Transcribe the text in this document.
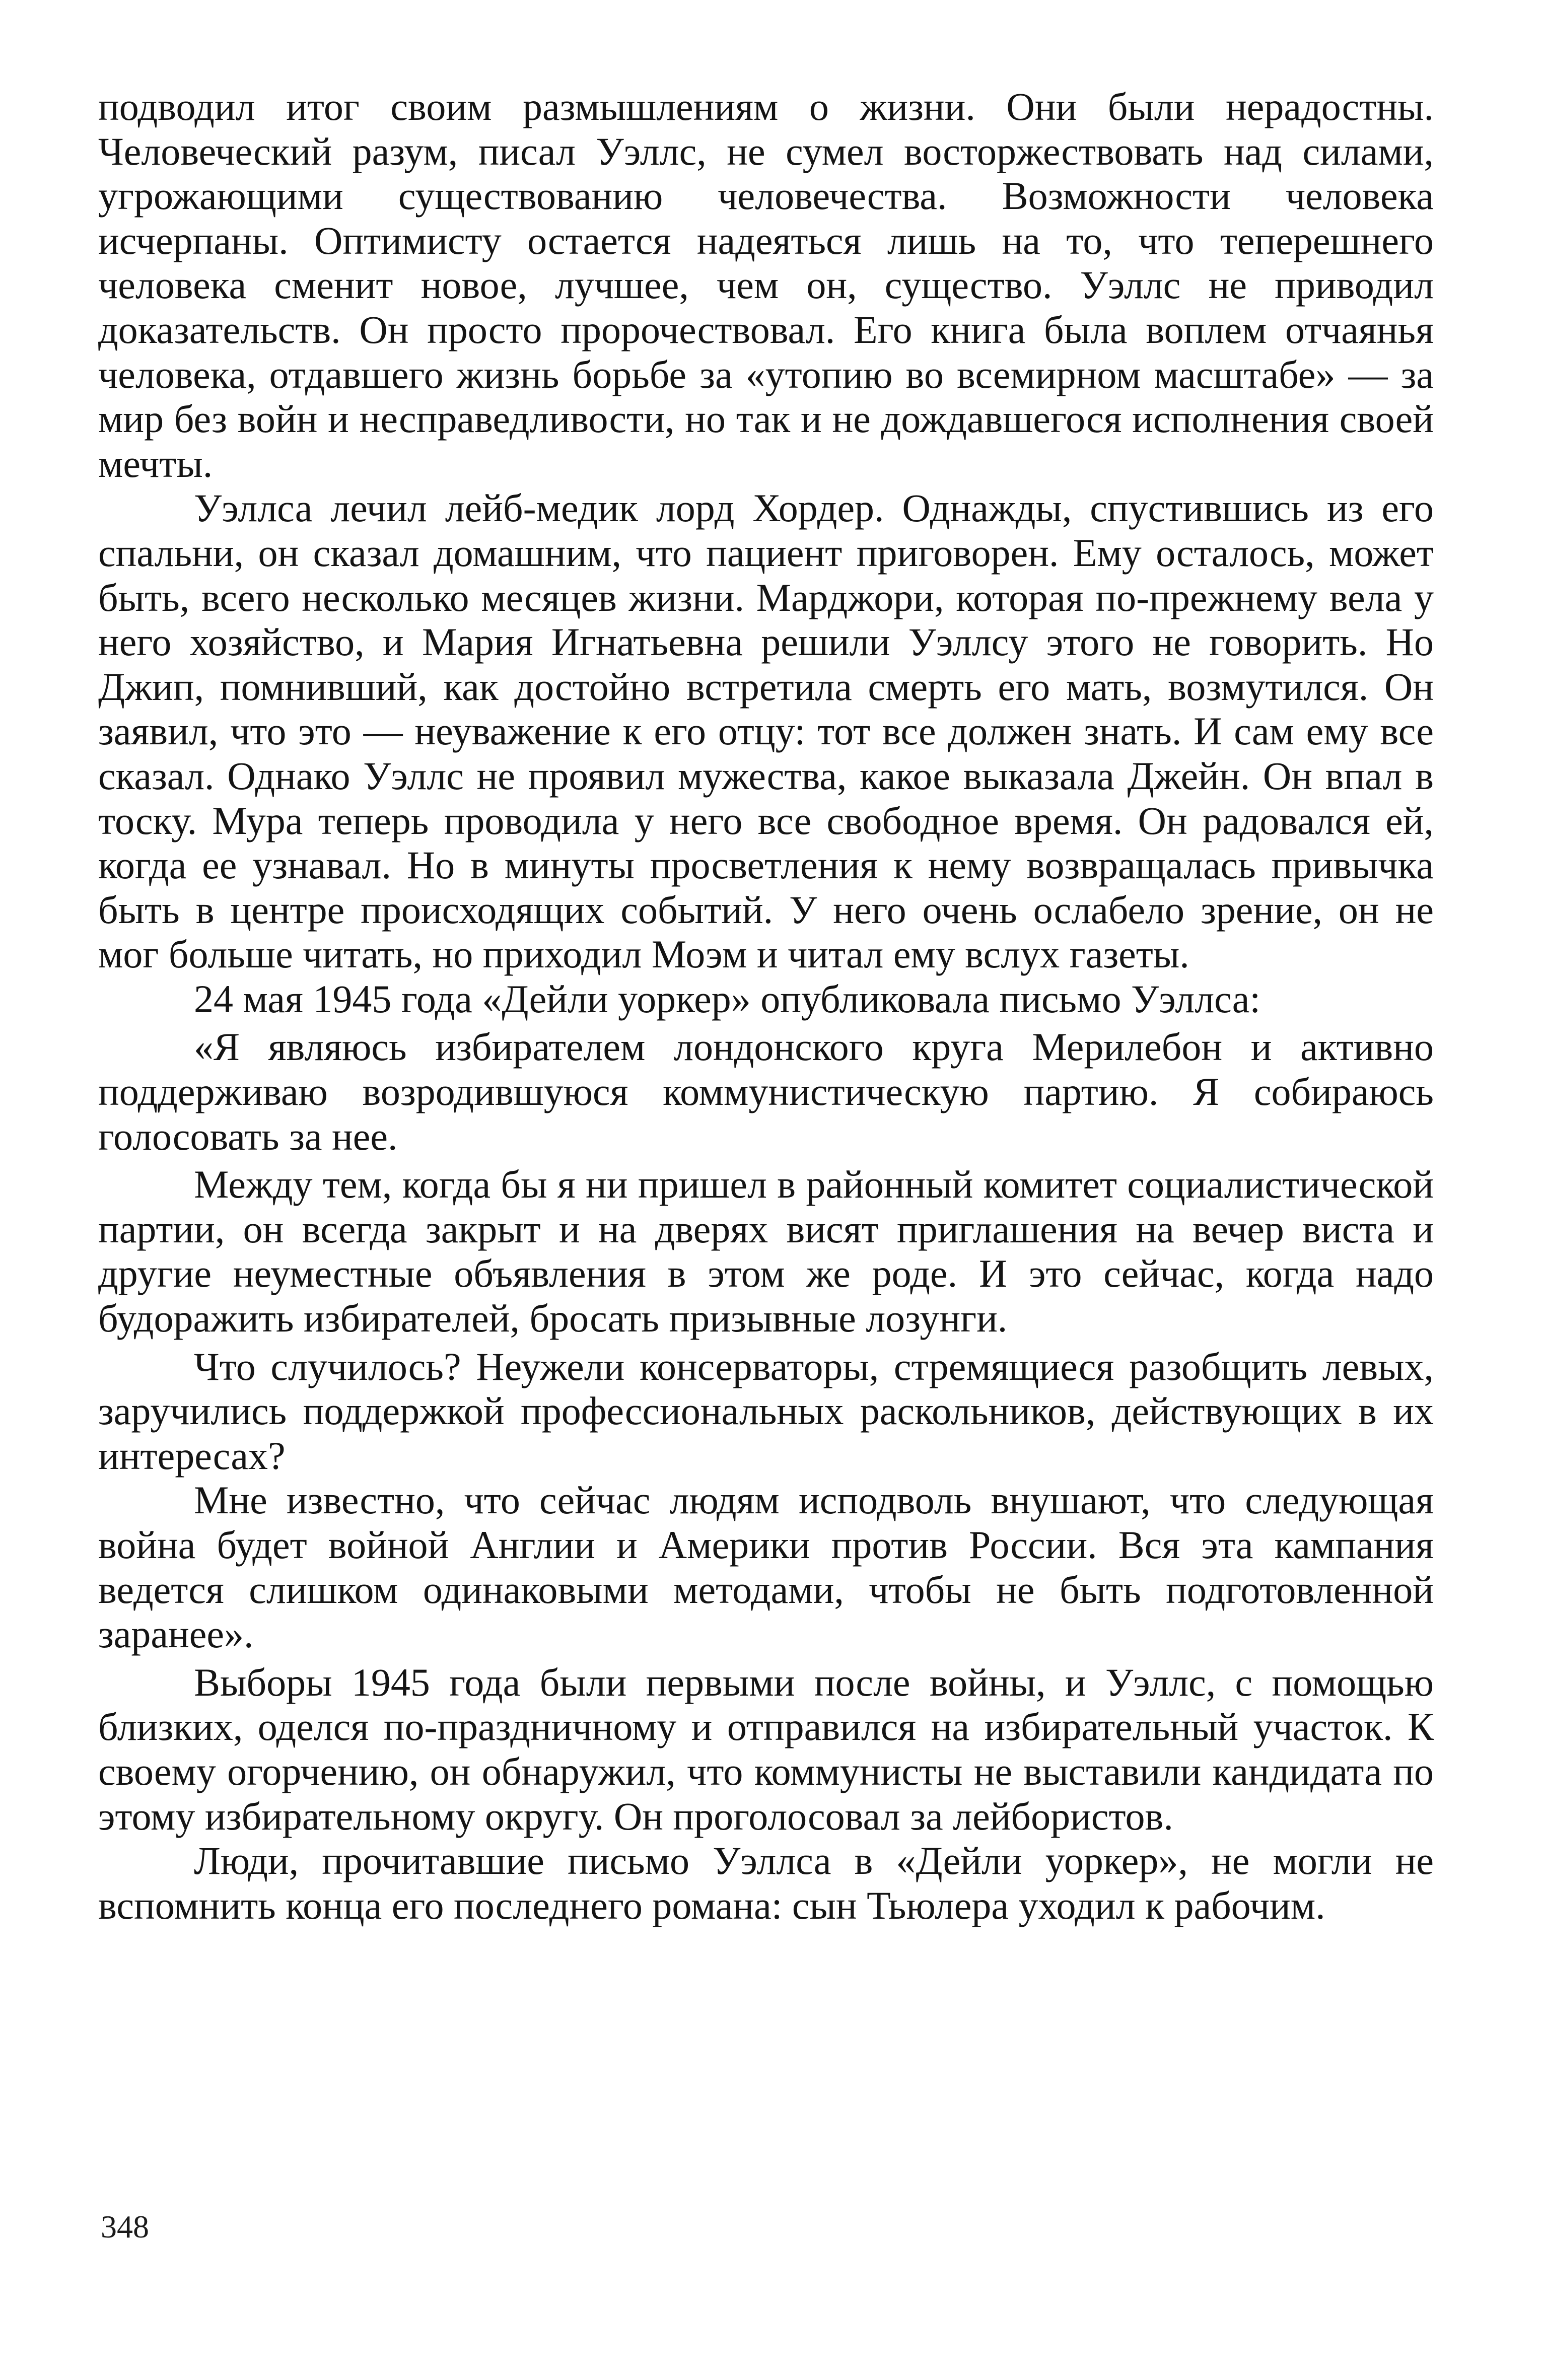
подводил итог своим размышлениям о жизни. Они были нерадостны. Человеческий разум, писал Уэллс, не сумел восторжествовать над силами, угрожающими существованию человечества. Возможности человека исчерпаны. Оптимисту остается надеяться лишь на то, что теперешнего человека сменит новое, лучшее, чем он, существо. Уэллс не приводил доказательств. Он просто пророчествовал. Его книга была воплем отчаянья человека, отдавшего жизнь борьбе за «утопию во всемирном масштабе» — за мир без войн и несправедливости, но так и не дождавшегося исполнения своей мечты.

Уэллса лечил лейб-медик лорд Хордер. Однажды, спустившись из его спальни, он сказал домашним, что пациент приговорен. Ему осталось, может быть, всего несколько месяцев жизни. Марджори, которая по-прежнему вела у него хозяйство, и Мария Игнатьевна решили Уэллсу этого не говорить. Но Джип, помнивший, как достойно встретила смерть его мать, возмутился. Он заявил, что это — неуважение к его отцу: тот все должен знать. И сам ему все сказал. Однако Уэллс не проявил мужества, какое выказала Джейн. Он впал в тоску. Мура теперь проводила у него все свободное время. Он радовался ей, когда ее узнавал. Но в минуты просветления к нему возвращалась привычка быть в центре происходящих событий. У него очень ослабело зрение, он не мог больше читать, но приходил Моэм и читал ему вслух газеты.

24 мая 1945 года «Дейли уоркер» опубликовала письмо Уэллса:

«Я являюсь избирателем лондонского круга Мерилебон и активно поддерживаю возродившуюся коммунистическую партию. Я собираюсь голосовать за нее.

Между тем, когда бы я ни пришел в районный комитет социалистической партии, он всегда закрыт и на дверях висят приглашения на вечер виста и другие неуместные объявления в этом же роде. И это сейчас, когда надо будоражить избирателей, бросать призывные лозунги.

Что случилось? Неужели консерваторы, стремящиеся разобщить левых, заручились поддержкой профессиональных раскольников, действующих в их интересах?

Мне известно, что сейчас людям исподволь внушают, что следующая война будет войной Англии и Америки против России. Вся эта кампания ведется слишком одинаковыми методами, чтобы не быть подготовленной заранее».

Выборы 1945 года были первыми после войны, и Уэллс, с помощью близких, оделся по-праздничному и отправился на избирательный участок. К своему огорчению, он обнаружил, что коммунисты не выставили кандидата по этому избирательному округу. Он проголосовал за лейбористов.

Люди, прочитавшие письмо Уэллса в «Дейли уоркер», не могли не вспомнить конца его последнего романа: сын Тьюлера уходил к рабочим.

348
